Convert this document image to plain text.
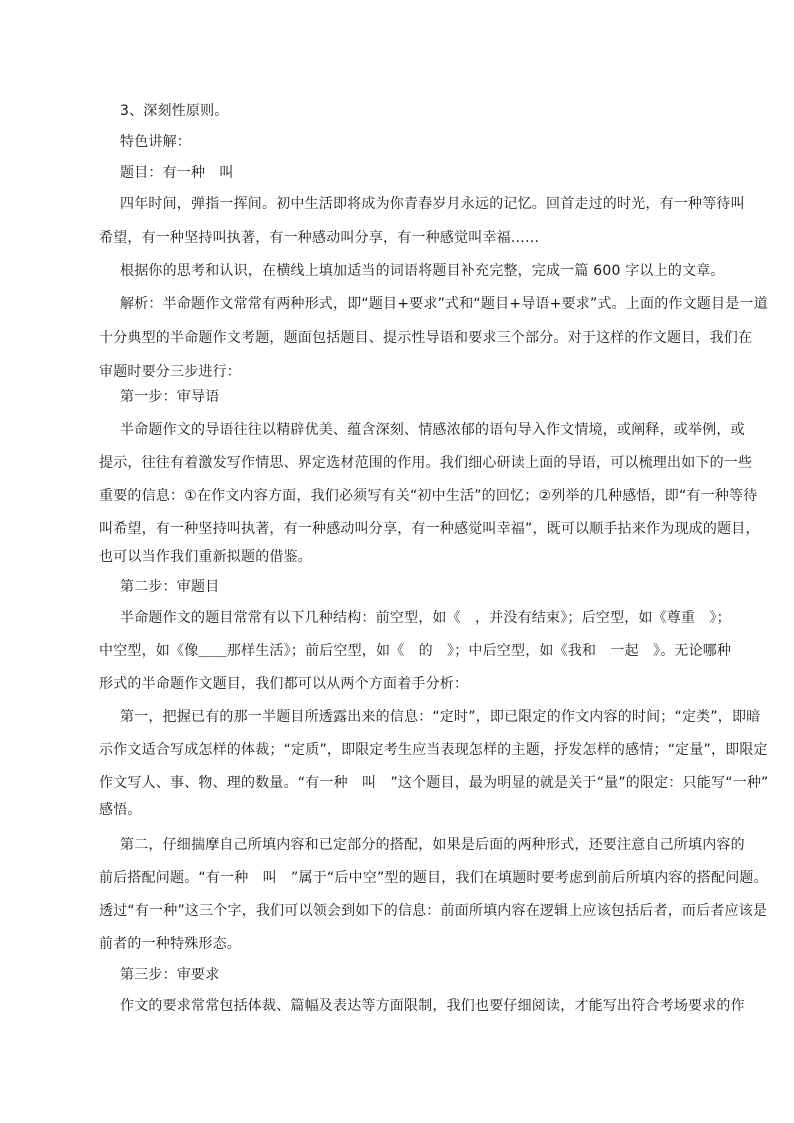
3、深刻性原则。
特色讲解：
题目：有一种　叫
四年时间，弹指一挥间。初中生活即将成为你青春岁月永远的记忆。回首走过的时光，有一种等待叫
希望，有一种坚持叫执著，有一种感动叫分享，有一种感觉叫幸福……
根据你的思考和认识，在横线上填加适当的词语将题目补充完整，完成一篇 600 字以上的文章。
解析：半命题作文常常有两种形式，即“题目+要求”式和“题目+导语+要求”式。上面的作文题目是一道
十分典型的半命题作文考题，题面包括题目、提示性导语和要求三个部分。对于这样的作文题目，我们在
审题时要分三步进行：
第一步：审导语
半命题作文的导语往往以精辟优美、蕴含深刻、情感浓郁的语句导入作文情境，或阐释，或举例，或
提示，往往有着激发写作情思、界定选材范围的作用。我们细心研读上面的导语，可以梳理出如下的一些
重要的信息：①在作文内容方面，我们必须写有关“初中生活”的回忆；②列举的几种感悟，即“有一种等待
叫希望，有一种坚持叫执著，有一种感动叫分享，有一种感觉叫幸福”，既可以顺手拈来作为现成的题目，
也可以当作我们重新拟题的借鉴。
第二步：审题目
半命题作文的题目常常有以下几种结构：前空型，如《　，并没有结束》；后空型，如《尊重　》；
中空型，如《像＿＿那样生活》；前后空型，如《　的　》；中后空型，如《我和　一起　》。无论哪种
形式的半命题作文题目，我们都可以从两个方面着手分析：
第一，把握已有的那一半题目所透露出来的信息：“定时”，即已限定的作文内容的时间；“定类”，即暗
示作文适合写成怎样的体裁；“定质”，即限定考生应当表现怎样的主题，抒发怎样的感情；“定量”，即限定
作文写人、事、物、理的数量。“有一种　叫　”这个题目，最为明显的就是关于“量”的限定：只能写“一种”
感悟。
第二，仔细揣摩自己所填内容和已定部分的搭配，如果是后面的两种形式，还要注意自己所填内容的
前后搭配问题。“有一种　叫　”属于“后中空”型的题目，我们在填题时要考虑到前后所填内容的搭配问题。
透过“有一种”这三个字，我们可以领会到如下的信息：前面所填内容在逻辑上应该包括后者，而后者应该是
前者的一种特殊形态。
第三步：审要求
作文的要求常常包括体裁、篇幅及表达等方面限制，我们也要仔细阅读，才能写出符合考场要求的作
